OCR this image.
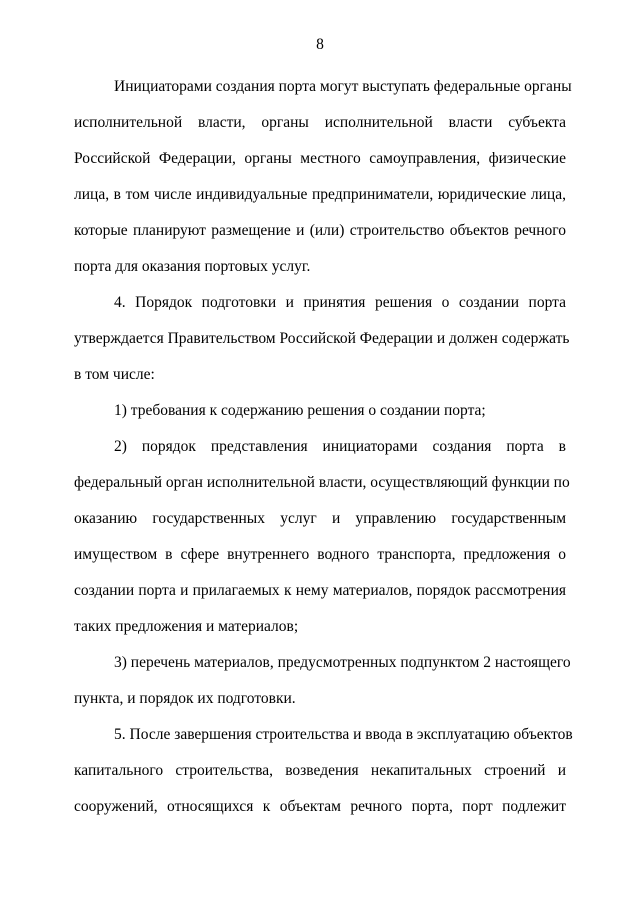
8
Инициаторами создания порта могут выступать федеральные органы
исполнительной власти, органы исполнительной власти субъекта
Российской Федерации, органы местного самоуправления, физические
лица, в том числе индивидуальные предприниматели, юридические лица,
которые планируют размещение и (или) строительство объектов речного
порта для оказания портовых услуг.
4. Порядок подготовки и принятия решения о создании порта
утверждается Правительством Российской Федерации и должен содержать
в том числе:
1) требования к содержанию решения о создании порта;
2) порядок представления инициаторами создания порта в
федеральный орган исполнительной власти, осуществляющий функции по
оказанию государственных услуг и управлению государственным
имуществом в сфере внутреннего водного транспорта, предложения о
создании порта и прилагаемых к нему материалов, порядок рассмотрения
таких предложения и материалов;
3) перечень материалов, предусмотренных подпунктом 2 настоящего
пункта, и порядок их подготовки.
5. После завершения строительства и ввода в эксплуатацию объектов
капитального строительства, возведения некапитальных строений и
сооружений, относящихся к объектам речного порта, порт подлежит
